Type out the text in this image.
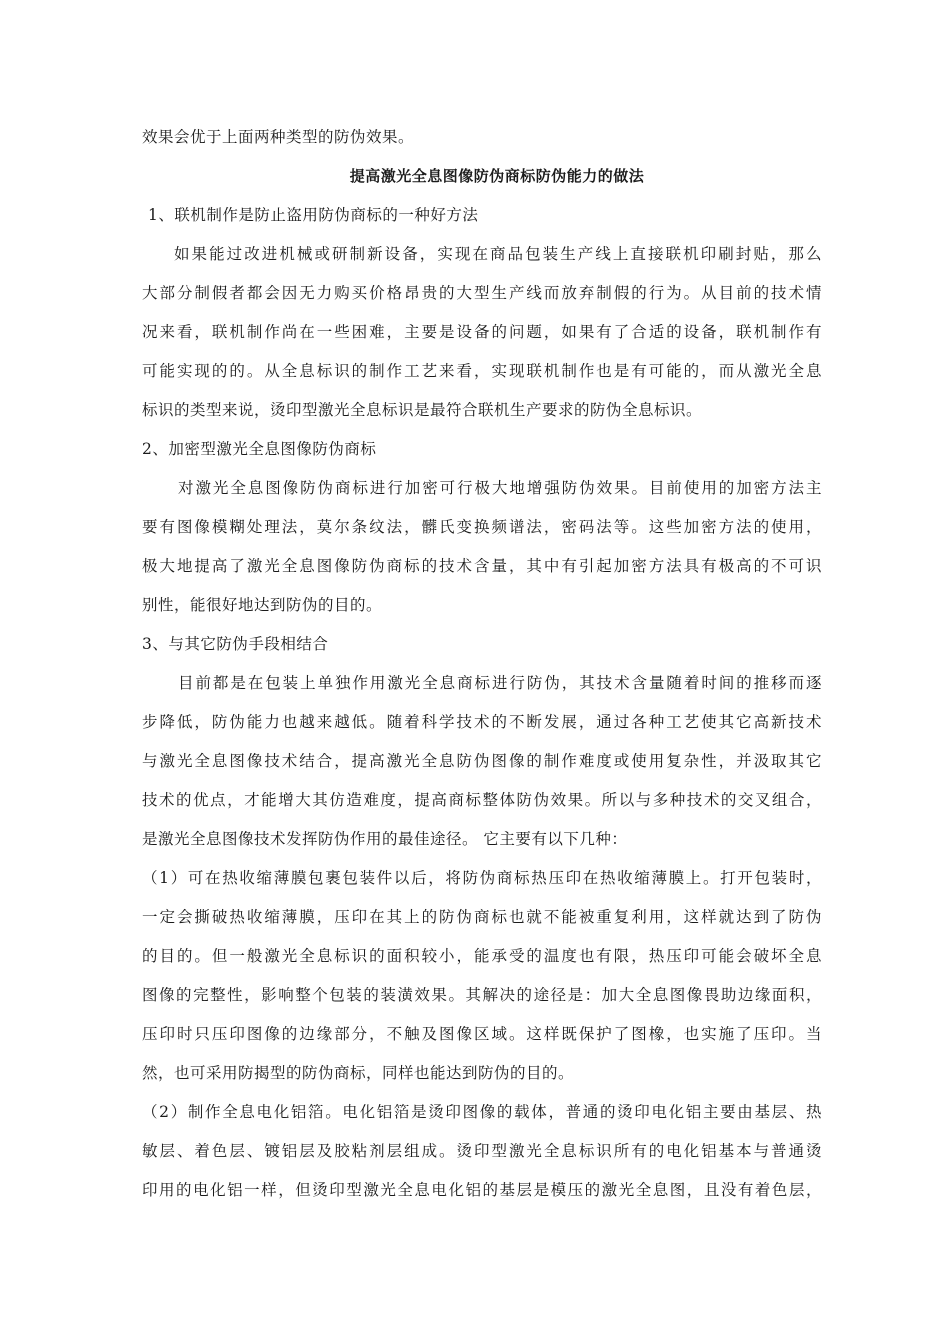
效果会优于上面两种类型的防伪效果。
提高激光全息图像防伪商标防伪能力的做法
1、联机制作是防止盗用防伪商标的一种好方法
如果能过改进机械或研制新设备，实现在商品包装生产线上直接联机印刷封贴，那么
大部分制假者都会因无力购买价格昂贵的大型生产线而放弃制假的行为。从目前的技术情
况来看，联机制作尚在一些困难，主要是设备的问题，如果有了合适的设备，联机制作有
可能实现的的。从全息标识的制作工艺来看，实现联机制作也是有可能的，而从激光全息
标识的类型来说，烫印型激光全息标识是最符合联机生产要求的防伪全息标识。
2、加密型激光全息图像防伪商标
对激光全息图像防伪商标进行加密可行极大地增强防伪效果。目前使用的加密方法主
要有图像模糊处理法，莫尔条纹法，髒氏变换频谱法，密码法等。这些加密方法的使用，
极大地提高了激光全息图像防伪商标的技术含量，其中有引起加密方法具有极高的不可识
别性，能很好地达到防伪的目的。
3、与其它防伪手段相结合
目前都是在包装上单独作用激光全息商标进行防伪，其技术含量随着时间的推移而逐
步降低，防伪能力也越来越低。随着科学技术的不断发展，通过各种工艺使其它高新技术
与激光全息图像技术结合，提高激光全息防伪图像的制作难度或使用复杂性，并汲取其它
技术的优点，才能增大其仿造难度，提高商标整体防伪效果。所以与多种技术的交叉组合，
是激光全息图像技术发挥防伪作用的最佳途径。 它主要有以下几种：
（1）可在热收缩薄膜包裹包装件以后，将防伪商标热压印在热收缩薄膜上。打开包装时，
一定会撕破热收缩薄膜，压印在其上的防伪商标也就不能被重复利用，这样就达到了防伪
的目的。但一般激光全息标识的面积较小，能承受的温度也有限，热压印可能会破坏全息
图像的完整性，影响整个包装的装潢效果。其解决的途径是：加大全息图像畏助边缘面积，
压印时只压印图像的边缘部分，不触及图像区域。这样既保护了图橡，也实施了压印。当
然，也可采用防揭型的防伪商标，同样也能达到防伪的目的。
（2）制作全息电化铝箔。电化铝箔是烫印图像的载体，普通的烫印电化铝主要由基层、热
敏层、着色层、镀铝层及胶粘剂层组成。烫印型激光全息标识所有的电化铝基本与普通烫
印用的电化铝一样，但烫印型激光全息电化铝的基层是模压的激光全息图，且没有着色层，
